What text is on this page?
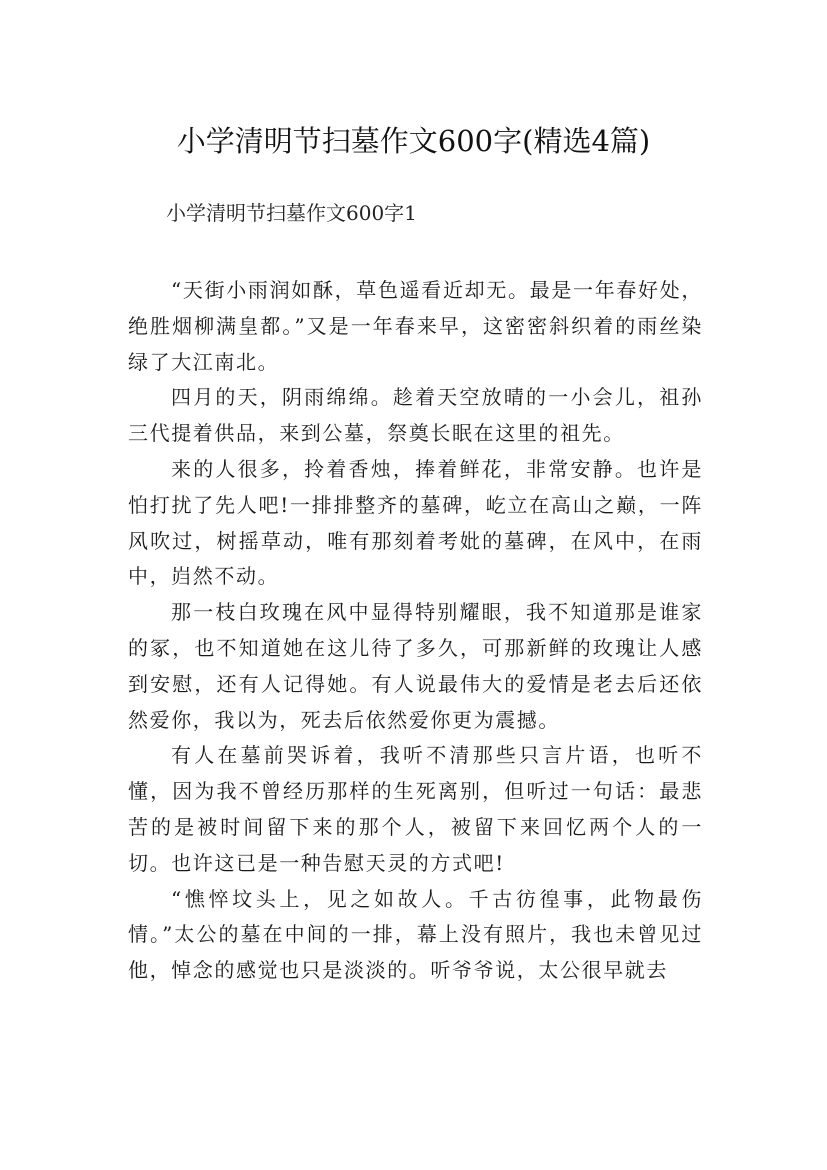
小学清明节扫墓作文600字(精选4篇)
小学清明节扫墓作文600字1

“天街小雨润如酥，草色遥看近却无。最是一年春好处，绝胜烟柳满皇都。”又是一年春来早，这密密斜织着的雨丝染绿了大江南北。

四月的天，阴雨绵绵。趁着天空放晴的一小会儿，祖孙三代提着供品，来到公墓，祭奠长眠在这里的祖先。

来的人很多，拎着香烛，捧着鲜花，非常安静。也许是怕打扰了先人吧!一排排整齐的墓碑，屹立在高山之巅，一阵风吹过，树摇草动，唯有那刻着考妣的墓碑，在风中，在雨中，岿然不动。

那一枝白玫瑰在风中显得特别耀眼，我不知道那是谁家的冢，也不知道她在这儿待了多久，可那新鲜的玫瑰让人感到安慰，还有人记得她。有人说最伟大的爱情是老去后还依然爱你，我以为，死去后依然爱你更为震撼。

有人在墓前哭诉着，我听不清那些只言片语，也听不懂，因为我不曾经历那样的生死离别，但听过一句话：最悲苦的是被时间留下来的那个人，被留下来回忆两个人的一切。也许这已是一种告慰天灵的方式吧!

“憔悴坟头上，见之如故人。千古彷徨事，此物最伤情。”太公的墓在中间的一排，幕上没有照片，我也未曾见过他，悼念的感觉也只是淡淡的。听爷爷说，太公很早就去
